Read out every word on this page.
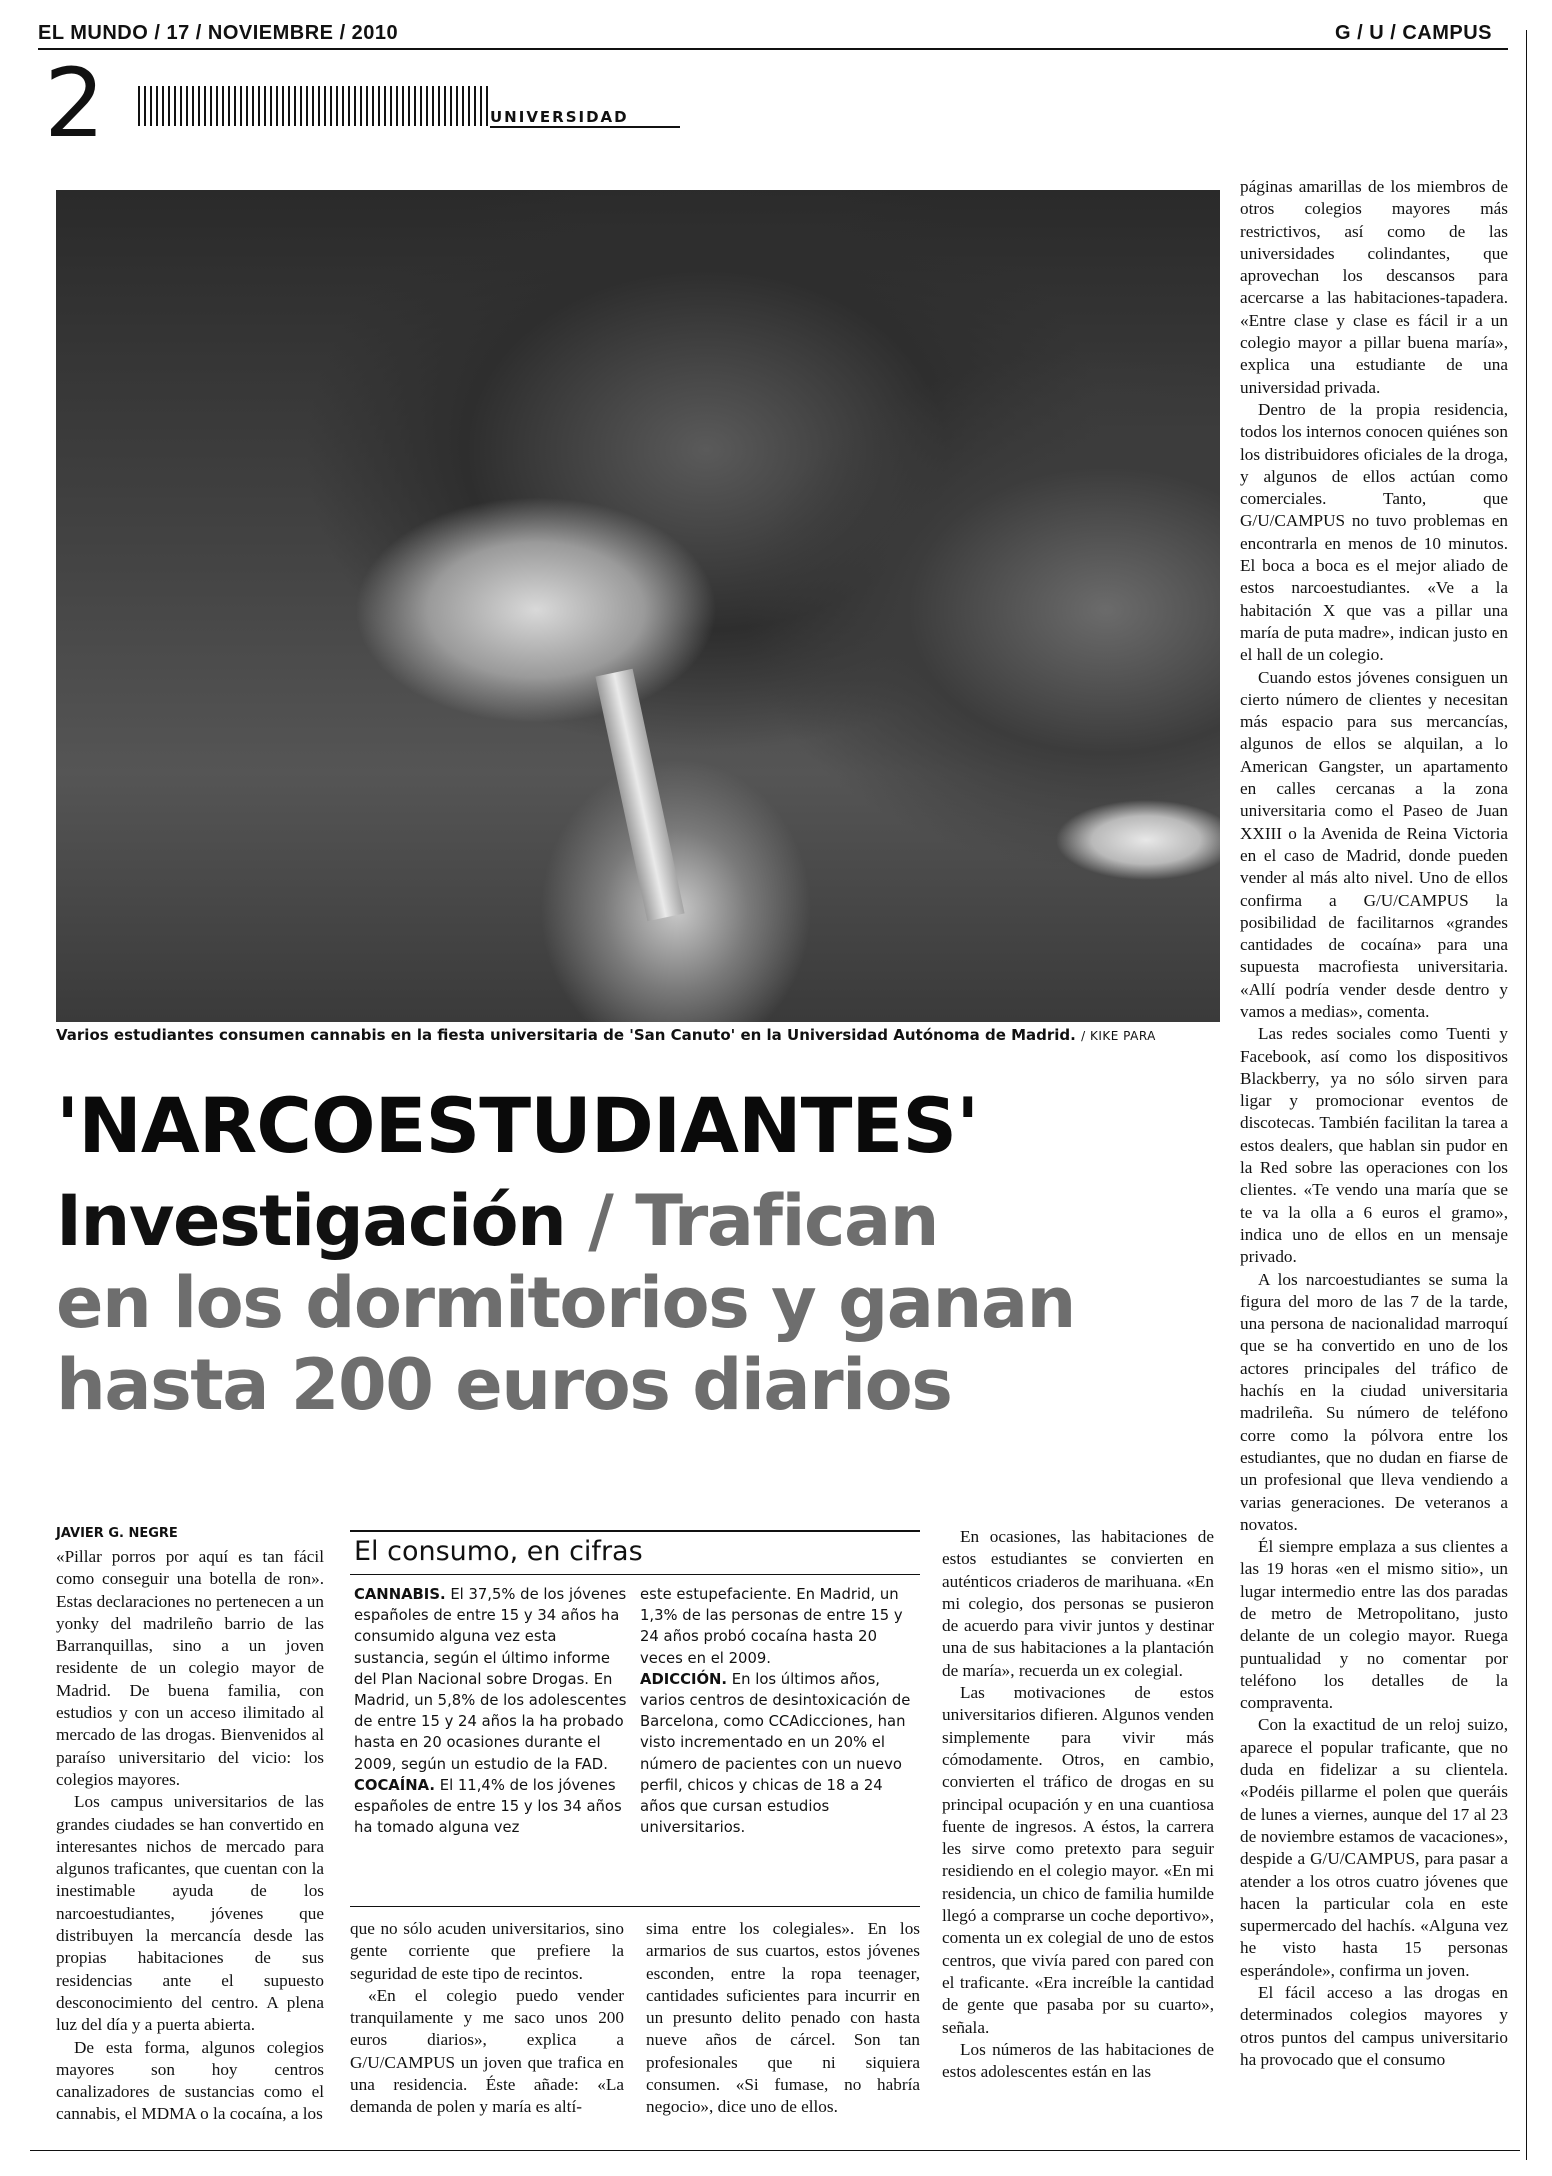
EL MUNDO / 17 / NOVIEMBRE / 2010	G / U / CAMPUS
2	UNIVERSIDAD
Varios estudiantes consumen cannabis en la fiesta universitaria de 'San Canuto' en la Universidad Autónoma de Madrid. / KIKE PARA
'NARCOESTUDIANTES'
Investigación / Trafican
en los dormitorios y ganan
hasta 200 euros diarios
JAVIER G. NEGRE

«Pillar porros por aquí es tan fácil como conseguir una botella de ron». Estas declaraciones no pertenecen a un yonky del madrileño barrio de las Barranquillas, sino a un joven residente de un colegio mayor de Madrid. De buena familia, con estudios y con un acceso ilimitado al mercado de las drogas. Bienvenidos al paraíso universitario del vicio: los colegios mayores.

Los campus universitarios de las grandes ciudades se han convertido en interesantes nichos de mercado para algunos traficantes, que cuentan con la inestimable ayuda de los narcoestudiantes, jóvenes que distribuyen la mercancía desde las propias habitaciones de sus residencias ante el supuesto desconocimiento del centro. A plena luz del día y a puerta abierta.

De esta forma, algunos colegios mayores son hoy centros canalizadores de sustancias como el cannabis, el MDMA o la cocaína, a los

El consumo, en cifras

CANNABIS. El 37,5% de los jóvenes españoles de entre 15 y 34 años ha consumido alguna vez esta sustancia, según el último informe del Plan Nacional sobre Drogas. En Madrid, un 5,8% de los adolescentes de entre 15 y 24 años la ha probado hasta en 20 ocasiones durante el 2009, según un estudio de la FAD.

COCAÍNA. El 11,4% de los jóvenes españoles de entre 15 y los 34 años ha tomado alguna vez

este estupefaciente. En Madrid, un 1,3% de las personas de entre 15 y 24 años probó cocaína hasta 20 veces en el 2009.

ADICCIÓN. En los últimos años, varios centros de desintoxicación de Barcelona, como CCAdicciones, han visto incrementado en un 20% el número de pacientes con un nuevo perfil, chicos y chicas de 18 a 24 años que cursan estudios universitarios.

que no sólo acuden universitarios, sino gente corriente que prefiere la seguridad de este tipo de recintos.

«En el colegio puedo vender tranquilamente y me saco unos 200 euros diarios», explica a G/U/CAMPUS un joven que trafica en una residencia. Éste añade: «La demanda de polen y maría es altí-

sima entre los colegiales». En los armarios de sus cuartos, estos jóvenes esconden, entre la ropa teenager, cantidades suficientes para incurrir en un presunto delito penado con hasta nueve años de cárcel. Son tan profesionales que ni siquiera consumen. «Si fumase, no habría negocio», dice uno de ellos.

En ocasiones, las habitaciones de estos estudiantes se convierten en auténticos criaderos de marihuana. «En mi colegio, dos personas se pusieron de acuerdo para vivir juntos y destinar una de sus habitaciones a la plantación de maría», recuerda un ex colegial.

Las motivaciones de estos universitarios difieren. Algunos venden simplemente para vivir más cómodamente. Otros, en cambio, convierten el tráfico de drogas en su principal ocupación y en una cuantiosa fuente de ingresos. A éstos, la carrera les sirve como pretexto para seguir residiendo en el colegio mayor. «En mi residencia, un chico de familia humilde llegó a comprarse un coche deportivo», comenta un ex colegial de uno de estos centros, que vivía pared con pared con el traficante. «Era increíble la cantidad de gente que pasaba por su cuarto», señala.

Los números de las habitaciones de estos adolescentes están en las

páginas amarillas de los miembros de otros colegios mayores más restrictivos, así como de las universidades colindantes, que aprovechan los descansos para acercarse a las habitaciones-tapadera. «Entre clase y clase es fácil ir a un colegio mayor a pillar buena maría», explica una estudiante de una universidad privada.

Dentro de la propia residencia, todos los internos conocen quiénes son los distribuidores oficiales de la droga, y algunos de ellos actúan como comerciales. Tanto, que G/U/CAMPUS no tuvo problemas en encontrarla en menos de 10 minutos. El boca a boca es el mejor aliado de estos narcoestudiantes. «Ve a la habitación X que vas a pillar una maría de puta madre», indican justo en el hall de un colegio.

Cuando estos jóvenes consiguen un cierto número de clientes y necesitan más espacio para sus mercancías, algunos de ellos se alquilan, a lo American Gangster, un apartamento en calles cercanas a la zona universitaria como el Paseo de Juan XXIII o la Avenida de Reina Victoria en el caso de Madrid, donde pueden vender al más alto nivel. Uno de ellos confirma a G/U/CAMPUS la posibilidad de facilitarnos «grandes cantidades de cocaína» para una supuesta macrofiesta universitaria. «Allí podría vender desde dentro y vamos a medias», comenta.

Las redes sociales como Tuenti y Facebook, así como los dispositivos Blackberry, ya no sólo sirven para ligar y promocionar eventos de discotecas. También facilitan la tarea a estos dealers, que hablan sin pudor en la Red sobre las operaciones con los clientes. «Te vendo una maría que se te va la olla a 6 euros el gramo», indica uno de ellos en un mensaje privado.

A los narcoestudiantes se suma la figura del moro de las 7 de la tarde, una persona de nacionalidad marroquí que se ha convertido en uno de los actores principales del tráfico de hachís en la ciudad universitaria madrileña. Su número de teléfono corre como la pólvora entre los estudiantes, que no dudan en fiarse de un profesional que lleva vendiendo a varias generaciones. De veteranos a novatos.

Él siempre emplaza a sus clientes a las 19 horas «en el mismo sitio», un lugar intermedio entre las dos paradas de metro de Metropolitano, justo delante de un colegio mayor. Ruega puntualidad y no comentar por teléfono los detalles de la compraventa.

Con la exactitud de un reloj suizo, aparece el popular traficante, que no duda en fidelizar a su clientela. «Podéis pillarme el polen que queráis de lunes a viernes, aunque del 17 al 23 de noviembre estamos de vacaciones», despide a G/U/CAMPUS, para pasar a atender a los otros cuatro jóvenes que hacen la particular cola en este supermercado del hachís. «Alguna vez he visto hasta 15 personas esperándole», confirma un joven.

El fácil acceso a las drogas en determinados colegios mayores y otros puntos del campus universitario ha provocado que el consumo
